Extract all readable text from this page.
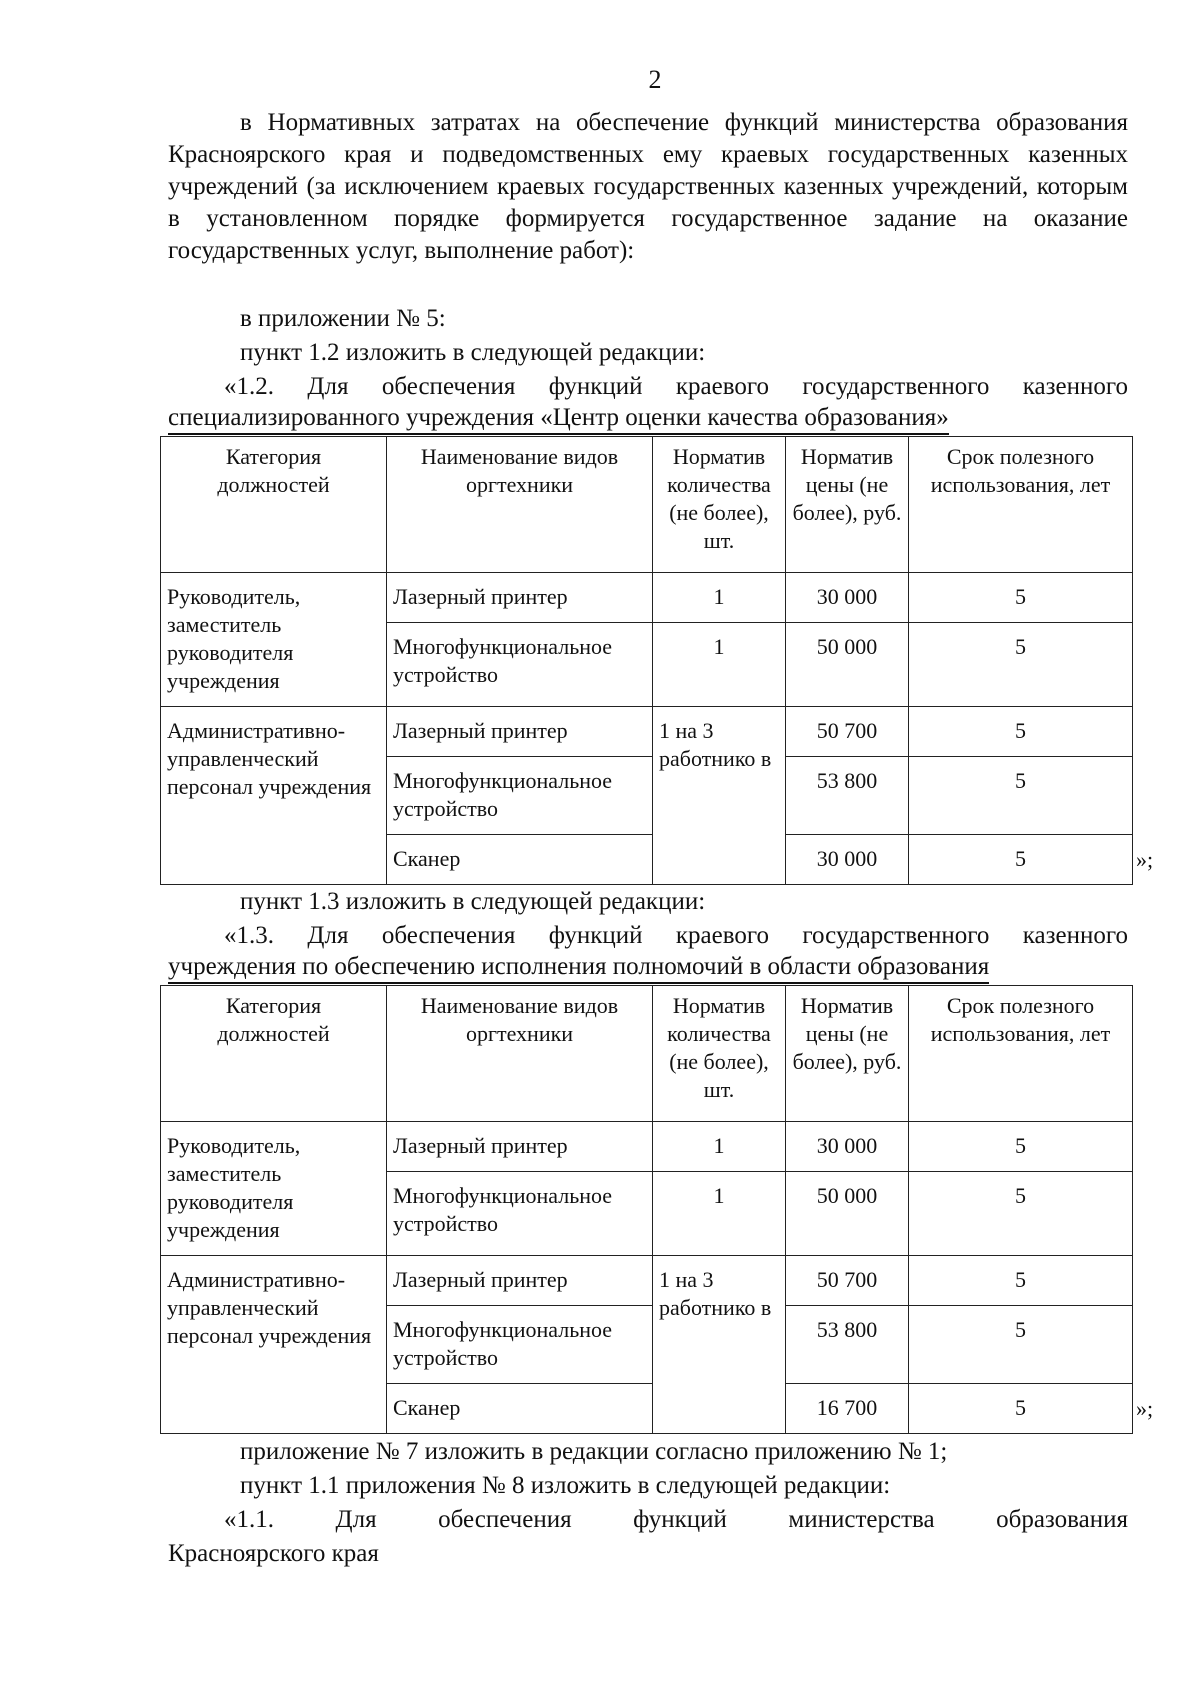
2
в Нормативных затратах на обеспечение функций министерства образования Красноярского края и подведомственных ему краевых государственных казенных учреждений (за исключением краевых государственных казенных учреждений, которым в установленном порядке формируется государственное задание на оказание государственных услуг, выполнение работ):
в приложении № 5:
пункт 1.2 изложить в следующей редакции:
«1.2. Для обеспечения функций краевого государственного казенного
специализированного учреждения «Центр оценки качества образования»
Категория должностей	Наименование видов оргтехники	Норматив количества (не более), шт.	Норматив цены (не более), руб.	Срок полезного использования, лет
Руководитель, заместитель руководителя учреждения	Лазерный принтер	1	30 000	5
	Многофункциональное устройство	1	50 000	5
Административно-управленческий персонал учреждения	Лазерный принтер	1 на 3 работнико в	50 700	5
	Многофункциональное устройство		53 800	5
	Сканер		30 000	5	»;
пункт 1.3 изложить в следующей редакции:
«1.3. Для обеспечения функций краевого государственного казенного
учреждения по обеспечению исполнения полномочий в области образования
Категория должностей	Наименование видов оргтехники	Норматив количества (не более), шт.	Норматив цены (не более), руб.	Срок полезного использования, лет
Руководитель, заместитель руководителя учреждения	Лазерный принтер	1	30 000	5
	Многофункциональное устройство	1	50 000	5
Административно-управленческий персонал учреждения	Лазерный принтер	1 на 3 работнико в	50 700	5
	Многофункциональное устройство		53 800	5
	Сканер		16 700	5	»;
приложение № 7 изложить в редакции согласно приложению № 1;
пункт 1.1 приложения № 8 изложить в следующей редакции:
«1.1. Для обеспечения функций министерства образования
Красноярского края
